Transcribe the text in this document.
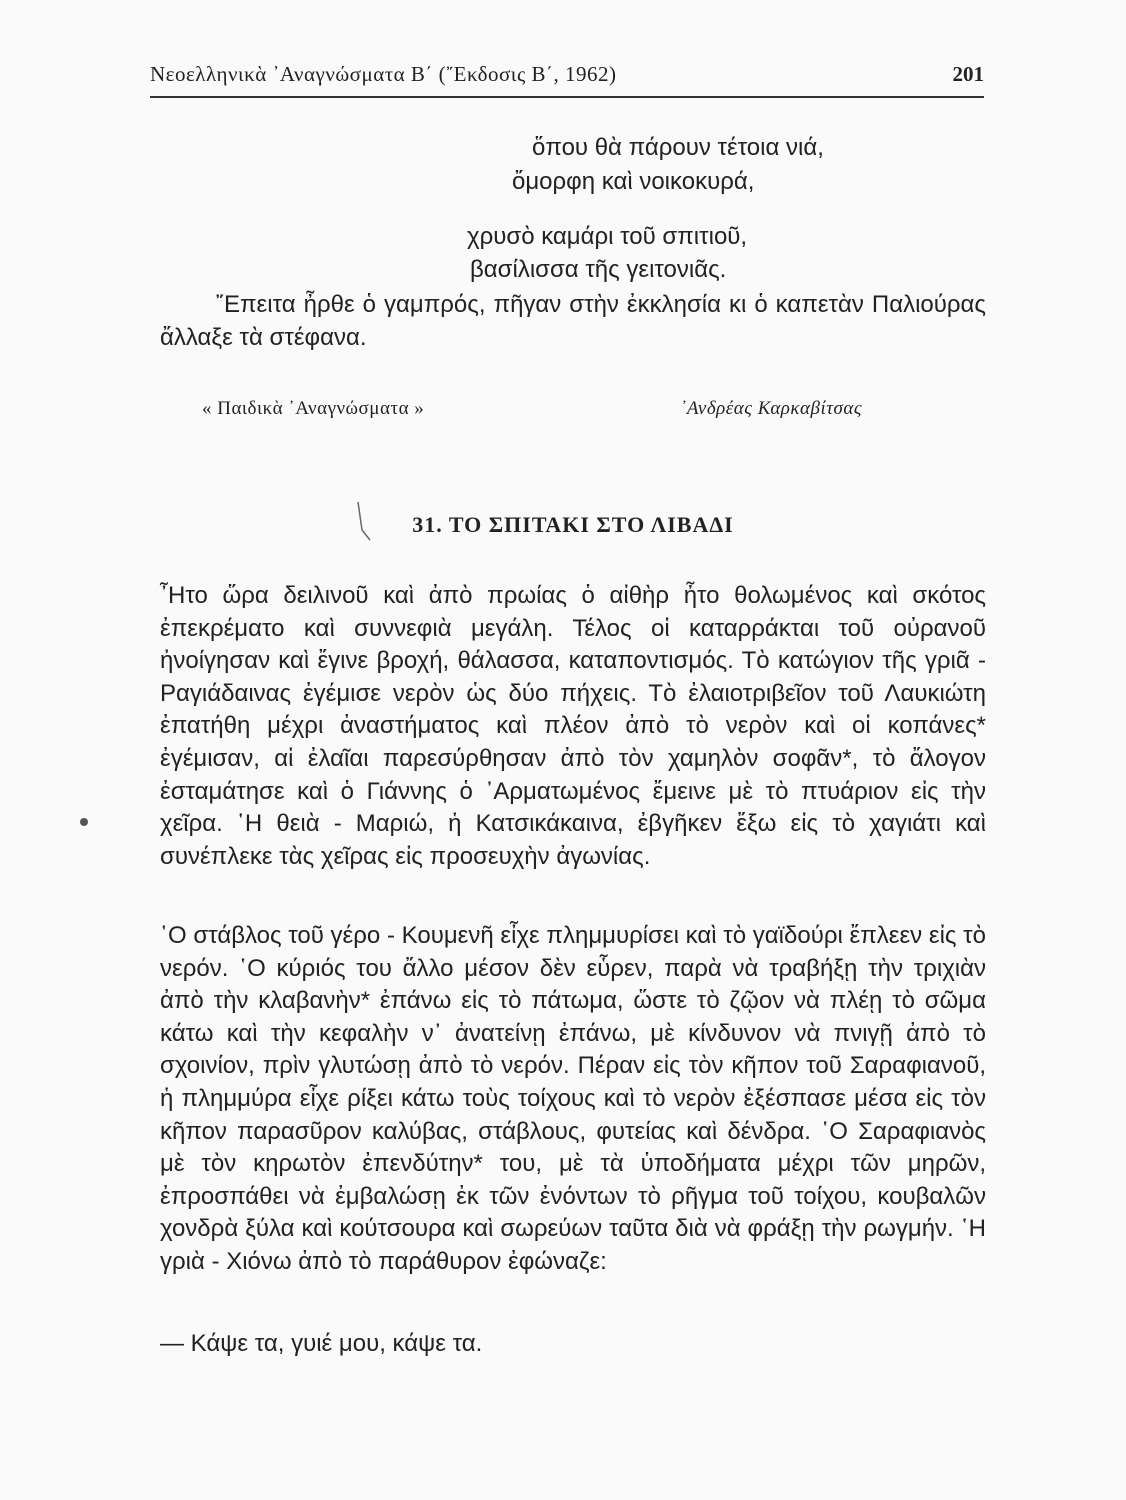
Νεοελληνικὰ ᾿Αναγνώσματα Β΄ (῎Εκδοσις Β΄, 1962)	201
ὅπου θὰ πάρουν τέτοια νιά,
ὄμορφη καὶ νοικοκυρά,
χρυσὸ καμάρι τοῦ σπιτιοῦ,
βασίλισσα τῆς γειτονιᾶς.
῎Επειτα ἦρθε ὁ γαμπρός, πῆγαν στὴν ἐκκλησία κι ὁ καπετὰν Παλιούρας ἄλλαξε τὰ στέφανα.
« Παιδικὰ ᾿Αναγνώσματα »	᾿Ανδρέας Καρκαβίτσας
31. ΤΟ ΣΠΙΤΑΚΙ ΣΤΟ ΛΙΒΑΔΙ
῏Ητο ὥρα δειλινοῦ καὶ ἀπὸ πρωίας ὁ αἰθὴρ ἦτο θολωμένος καὶ σκότος ἐπεκρέματο καὶ συννεφιὰ μεγάλη. Τέλος οἱ καταρράκται τοῦ οὐρανοῦ ἠνοίγησαν καὶ ἔγινε βροχή, θάλασσα, καταποντισμός. Τὸ κατώγιον τῆς γριᾶ - Ραγιάδαινας ἐγέμισε νερὸν ὡς δύο πήχεις. Τὸ ἐλαιοτριβεῖον τοῦ Λαυκιώτη ἐπατήθη μέχρι ἀναστήματος καὶ πλέον ἀπὸ τὸ νερὸν καὶ οἱ κοπάνες* ἐγέμισαν, αἱ ἐλαῖαι παρεσύρθησαν ἀπὸ τὸν χαμηλὸν σοφᾶν*, τὸ ἄλογον ἐσταμάτησε καὶ ὁ Γιάννης ὁ ᾿Αρματωμένος ἔμεινε μὲ τὸ πτυάριον εἰς τὴν χεῖρα. ῾Η θειὰ - Μαριώ, ἡ Κατσικάκαινα, ἐβγῆκεν ἔξω εἰς τὸ χαγιάτι καὶ συνέπλεκε τὰς χεῖρας εἰς προσευχὴν ἀγωνίας.
῾Ο στάβλος τοῦ γέρο - Κουμενῆ εἶχε πλημμυρίσει καὶ τὸ γαϊδούρι ἔπλεεν εἰς τὸ νερόν. ῾Ο κύριός του ἄλλο μέσον δὲν εὗρεν, παρὰ νὰ τραβήξῃ τὴν τριχιὰν ἀπὸ τὴν κλαβανὴν* ἐπάνω εἰς τὸ πάτωμα, ὥστε τὸ ζῷον νὰ πλέῃ τὸ σῶμα κάτω καὶ τὴν κεφαλὴν ν᾿ ἀνατείνῃ ἐπάνω, μὲ κίνδυνον νὰ πνιγῇ ἀπὸ τὸ σχοινίον, πρὶν γλυτώσῃ ἀπὸ τὸ νερόν. Πέραν εἰς τὸν κῆπον τοῦ Σαραφιανοῦ, ἡ πλημμύρα εἶχε ρίξει κάτω τοὺς τοίχους καὶ τὸ νερὸν ἐξέσπασε μέσα εἰς τὸν κῆπον παρασῦρον καλύβας, στάβλους, φυτείας καὶ δένδρα. ῾Ο Σαραφιανὸς μὲ τὸν κηρωτὸν ἐπενδύτην* του, μὲ τὰ ὑποδήματα μέχρι τῶν μηρῶν, ἐπροσπάθει νὰ ἐμβαλώσῃ ἐκ τῶν ἐνόντων τὸ ρῆγμα τοῦ τοίχου, κουβαλῶν χονδρὰ ξύλα καὶ κούτσουρα καὶ σωρεύων ταῦτα διὰ νὰ φράξῃ τὴν ρωγμήν. ῾Η γριὰ - Χιόνω ἀπὸ τὸ παράθυρον ἐφώναζε:
— Κάψε τα, γυιέ μου, κάψε τα.
